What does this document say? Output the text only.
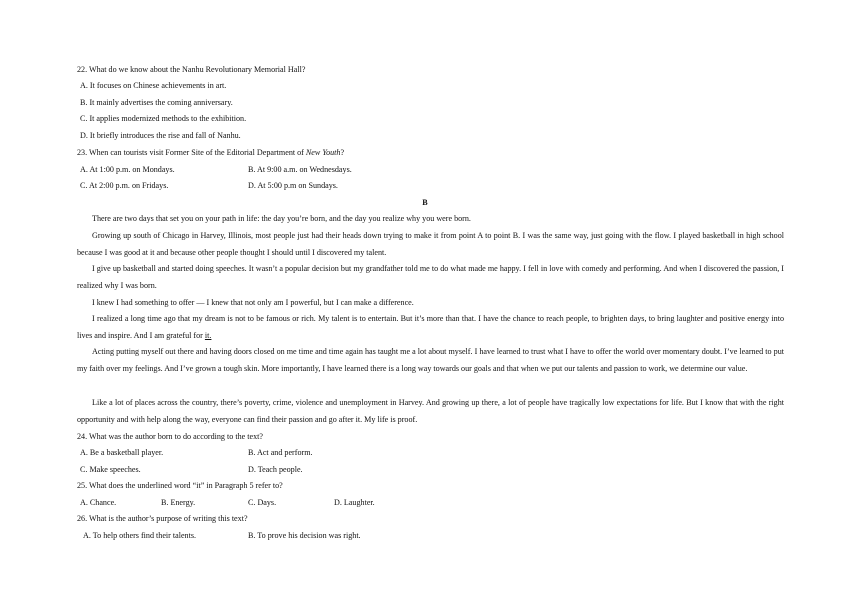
22. What do we know about the Nanhu Revolutionary Memorial Hall?
A. It focuses on Chinese achievements in art.
B. It mainly advertises the coming anniversary.
C. It applies modernized methods to the exhibition.
D. It briefly introduces the rise and fall of Nanhu.
23. When can tourists visit Former Site of the Editorial Department of New Youth?
A. At 1:00 p.m. on Mondays.	B. At 9:00 a.m. on Wednesdays.
C. At 2:00 p.m. on Fridays.	D. At 5:00 p.m on Sundays.
B
There are two days that set you on your path in life: the day you’re born, and the day you realize why you were born.

Growing up south of Chicago in Harvey, Illinois, most people just had their heads down trying to make it from point A to point B. I was the same way, just going with the flow. I played basketball in high school because I was good at it and because other people thought I should until I discovered my talent.

I give up basketball and started doing speeches. It wasn’t a popular decision but my grandfather told me to do what made me happy. I fell in love with comedy and performing. And when I discovered the passion, I realized why I was born.

I knew I had something to offer — I knew that not only am I powerful, but I can make a difference.

I realized a long time ago that my dream is not to be famous or rich. My talent is to entertain. But it’s more than that. I have the chance to reach people, to brighten days, to bring laughter and positive energy into lives and inspire. And I am grateful for it.

Acting putting myself out there and having doors closed on me time and time again has taught me a lot about myself. I have learned to trust what I have to offer the world over momentary doubt. I’ve learned to put my faith over my feelings. And I’ve grown a tough skin. More importantly, I have learned there is a long way towards our goals and that when we put our talents and passion to work, we determine our value.

Like a lot of places across the country, there’s poverty, crime, violence and unemployment in Harvey. And growing up there, a lot of people have tragically low expectations for life. But I know that with the right opportunity and with help along the way, everyone can find their passion and go after it. My life is proof.

24. What was the author born to do according to the text?
A. Be a basketball player.	B. Act and perform.
C. Make speeches.	D. Teach people.
25. What does the underlined word “it” in Paragraph 5 refer to?
A. Chance.	B. Energy.	C. Days.	D. Laughter.
26. What is the author’s purpose of writing this text?
A. To help others find their talents.	B. To prove his decision was right.
